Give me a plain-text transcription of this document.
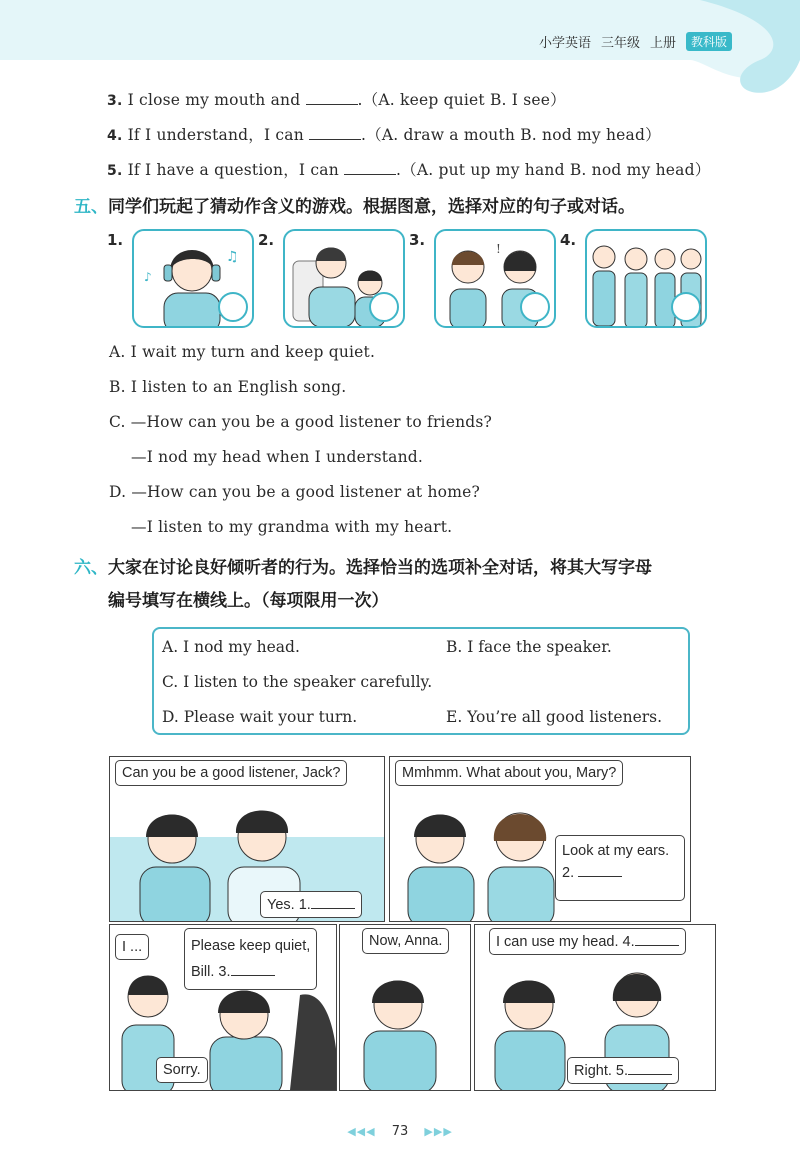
小学英语 三年级 上册	教科版
3. I close my mouth and	.（A. keep quiet B. I see）
4. If I understand，I can	.（A. draw a mouth B. nod my head）
5. If I have a question，I can	.（A. put up my hand B. nod my head）
五、同学们玩起了猜动作含义的游戏。根据图意，选择对应的句子或对话。
1.
♫
♪
2.	3.	!	4.
A. I wait my turn and keep quiet.
B. I listen to an English song.
C. —How can you be a good listener to friends?
—I nod my head when I understand.
D. —How can you be a good listener at home?
—I listen to my grandma with my heart.
六、大家在讨论良好倾听者的行为。选择恰当的选项补全对话，将其大写字母
编号填写在横线上。（每项限用一次）
A. I nod my head.	B. I face the speaker.
C. I listen to the speaker carefully.
D. Please wait your turn.	E. You’re all good listeners.
Can you be a good listener, Jack?
Yes. 1.
Mmhmm. What about you, Mary?
Look at my ears.
2.
I ...
Sorry.
Please keep quiet,
Bill. 3.
Now, Anna.	I can use my head. 4.
Right. 5.
◀◀◀ 73 ▶▶▶
